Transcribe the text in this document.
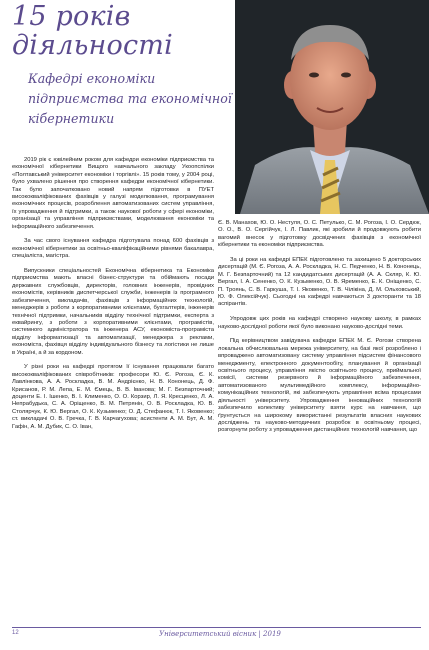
15 років діяльності
Кафедрі економіки підприємства та економічної кібернетики

2019 рік є ювілейним роком для кафедри економіки підприємства та економічної кібернетики Вищого навчального закладу Укоопспілки «Полтавський університет економіки і торгівлі». 15 років тому, у 2004 році, було ухвалено рішення про створення кафедри економічної кібернетики. Так було започатковано новий напрям підготовки в ПУЕТ висококваліфікованих фахівців у галузі моделювання, програмування економічних процесів, розроблення автоматизованих систем управління, їх упровадження й підтримки, а також наукової роботи у сфері економіки, організації та управління підприємствами, моделювання економіки та інформаційного забезпечення.

За час свого існування кафедра підготувала понад 600 фахівців з економічної кібернетики за освітньо-кваліфікаційними рівнями бакалавра, спеціаліста, магістра.

Випускники спеціальностей Економічна кібернетика та Економіка підприємства мають власні бізнес-структури та обіймають посади державних службовців, директорів, головних інженерів, провідних економістів, керівників диспетчерської служби, інженерів із програмного забезпечення, викладачів, фахівців з інформаційних технологій, менеджерів з роботи з корпоративними клієнтами, бухгалтерів, інженерів технічної підтримки, начальників відділу технічної підтримки, експерта з еквайрингу, з роботи з корпоративними клієнтами, програмістів, системного адміністратора та інженера АСУ, економіста-програміста відділу інформатизації та автоматизації, менеджера з реклами, економіста, фахівця відділу індивідуального бізнесу та логістики не лише в Україні, а й за кордоном.

У різні роки на кафедрі протягом її існування працювали багато висококваліфікованих співробітників: професори Ю. Є. Рогоза, Є. К. Лавлінкова, А. А. Роскладка, В. М. Андрієнко, Н. В. Кононець, Д. Ф. Крисанов, Р. М. Лепа, Е. М. Ємець, В. В. Іванова; М. Г. Безпарточний; доценти Е. І. Ішенко, В. І. Клименко, О. О. Корзир, Л. Я. Кресценко, Л. А. Непрабудька, С. А. Оріщенко, В. М. Петрянін, О. В. Роскладка, Ю. В. Столярчук, К. Ю. Вергал, О. К. Кузьменко; О. Д. Стефанюк, Т. І. Яковенко; ст. викладачі О. В. Гречка, Г. В. Карчагухова; асистенти А. М. Бут, А. М. Гафін, А. М. Дубик, С. О. Іван,

Є. В. Манахов, Ю. О. Нестуля, О. С. Петулько, С. М. Рогоза, І. О. Сердюк, О. О., В. О. Сергійчук, І. Л. Павлик, які зробили й продовжують робити вагомий внесок у підготовку досвідчених фахівців з економічної кібернетики та економіки підприємства.

За ці роки на кафедрі ЕПЕК підготовлено та захищено 5 докторських дисертацій (М. Є. Рогоза, А. А. Роскладка, Н. С. Педченко, Н. В. Кононець, М. Г. Безпарточний) та 12 кандидатських дисертацій (А. А. Скляр, К. Ю. Вергал, І. А. Сененко, О. К. Кузьменко, О. В. Яременко, Е. К. Оніщенко, С. П. Троянь, С. В. Гаркуша, Т. І. Яковенко, Т. В. Чілікіна, Д. М. Ольховський, Ю. Ф. Олексійчук). Сьогодні на кафедрі навчаються 3 докторанти та 18 аспірантів.

Упродовж цих років на кафедрі створено наукову школу, в рамках науково-дослідної роботи якої було виконано науково-дослідні теми.

Під керівництвом завідувача кафедри ЕПЕК М. Є. Рогози створена локальна обчислювальна мережа університету, на базі якої розроблено і впроваджено автоматизовану систему управління підсистем фінансового менеджменту, електронного документообігу, планування й організації освітнього процесу, управління якістю освітнього процесу, приймальної комісії, системи резервного й інформаційного забезпечення, автоматизованого мультимедійного комплексу, інформаційно-комунікаційних технологій, які забезпечують управління всіма процесами діяльності університету. Упровадження інноваційних технологій забезпечило колективу університету взяти курс на навчання, що ґрунтується на широкому використанні результатів власних наукових досліджень та науково-методичних розробок в освітньому процесі, розгорнути роботу з упровадження дистанційних технологій навчання, що

12	Університетський вісник | 2019
